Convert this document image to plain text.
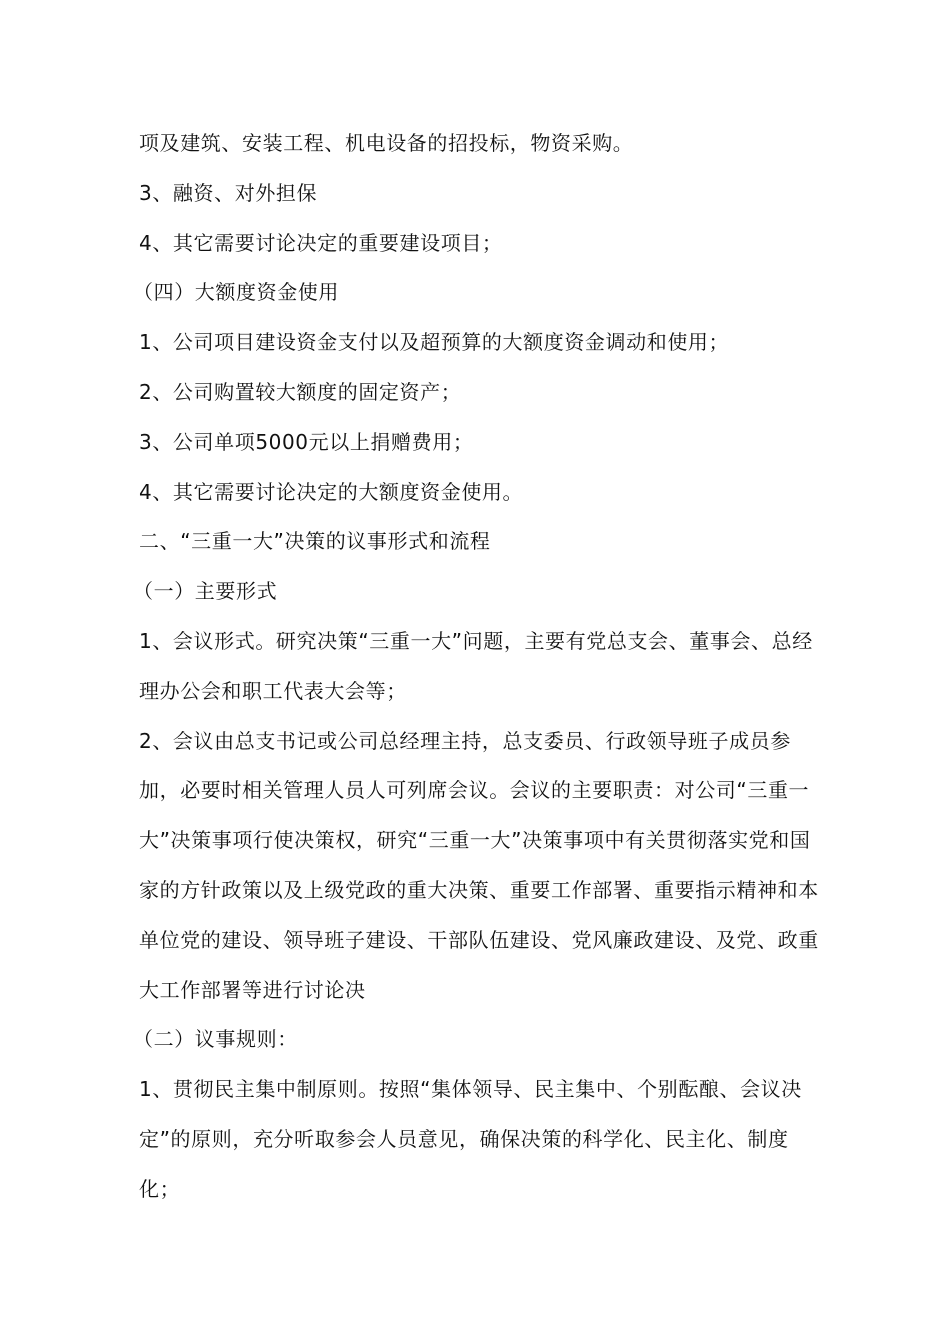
项及建筑、安装工程、机电设备的招投标，物资采购。

3、融资、对外担保

4、其它需要讨论决定的重要建设项目；

（四）大额度资金使用

1、公司项目建设资金支付以及超预算的大额度资金调动和使用；

2、公司购置较大额度的固定资产；

3、公司单项5000元以上捐赠费用；

4、其它需要讨论决定的大额度资金使用。

二、“三重一大”决策的议事形式和流程

（一）主要形式

1、会议形式。研究决策“三重一大”问题，主要有党总支会、董事会、总经理办公会和职工代表大会等；

2、会议由总支书记或公司总经理主持，总支委员、行政领导班子成员参加，必要时相关管理人员人可列席会议。会议的主要职责：对公司“三重一大”决策事项行使决策权，研究“三重一大”决策事项中有关贯彻落实党和国家的方针政策以及上级党政的重大决策、重要工作部署、重要指示精神和本单位党的建设、领导班子建设、干部队伍建设、党风廉政建设、及党、政重大工作部署等进行讨论决

（二）议事规则：

1、贯彻民主集中制原则。按照“集体领导、民主集中、个别酝酿、会议决定”的原则，充分听取参会人员意见，确保决策的科学化、民主化、制度化；
